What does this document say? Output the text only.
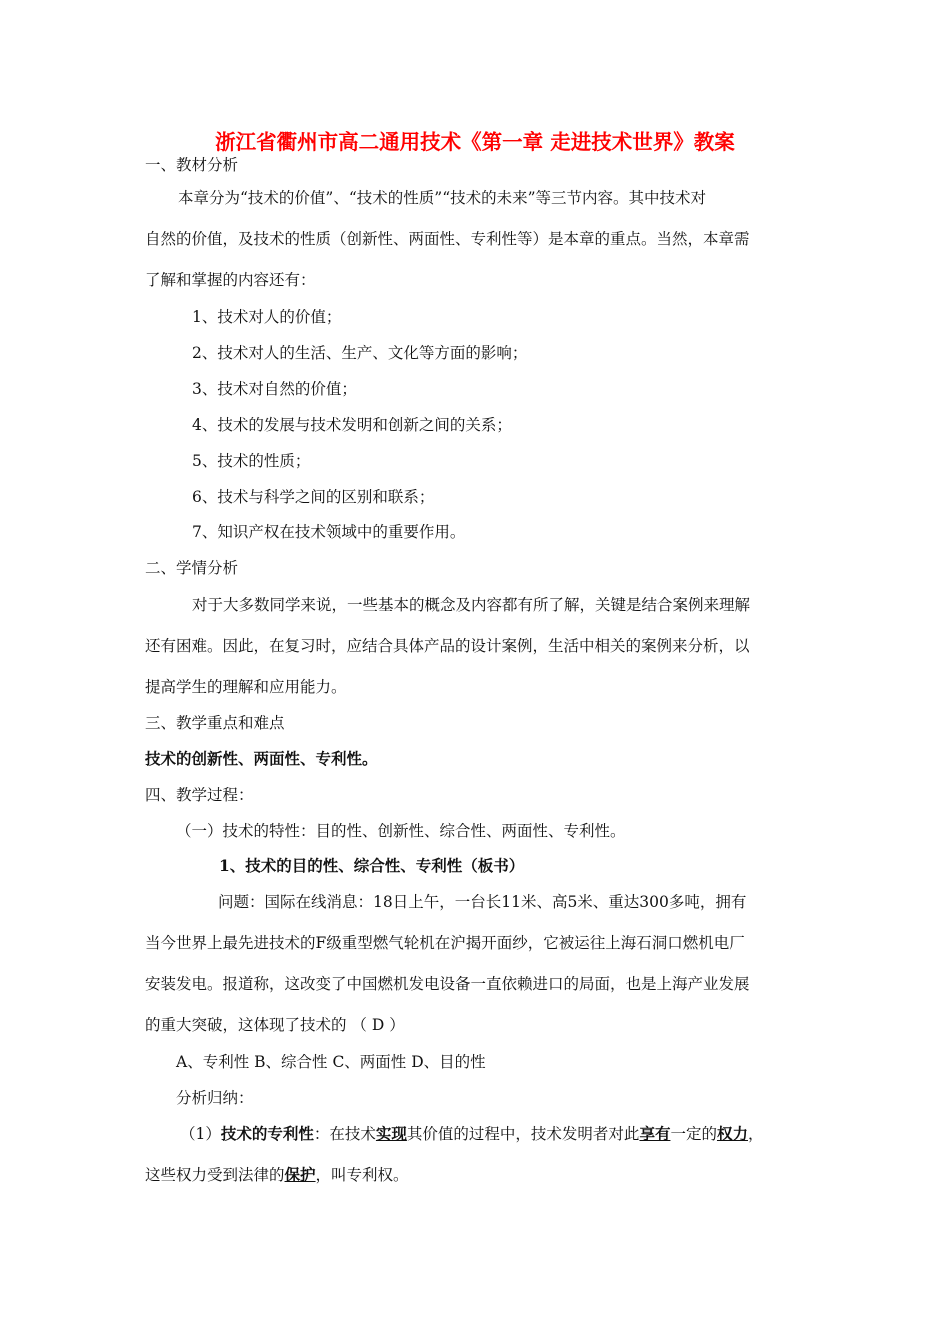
浙江省衢州市高二通用技术《第一章 走进技术世界》教案
一、教材分析
本章分为“技术的价值”、“技术的性质”“技术的未来”等三节内容。其中技术对
自然的价值，及技术的性质（创新性、两面性、专利性等）是本章的重点。当然，本章需
了解和掌握的内容还有：
1、技术对人的价值；
2、技术对人的生活、生产、文化等方面的影响；
3、技术对自然的价值；
4、技术的发展与技术发明和创新之间的关系；
5、技术的性质；
6、技术与科学之间的区别和联系；
7、知识产权在技术领域中的重要作用。
二、学情分析
对于大多数同学来说，一些基本的概念及内容都有所了解，关键是结合案例来理解
还有困难。因此，在复习时，应结合具体产品的设计案例，生活中相关的案例来分析，以
提高学生的理解和应用能力。
三、教学重点和难点
技术的创新性、两面性、专利性。
四、教学过程：
（一）技术的特性：目的性、创新性、综合性、两面性、专利性。
1、技术的目的性、综合性、专利性（板书）
问题：国际在线消息：18日上午，一台长11米、高5米、重达300多吨，拥有
当今世界上最先进技术的F级重型燃气轮机在沪揭开面纱，它被运往上海石洞口燃机电厂
安装发电。报道称，这改变了中国燃机发电设备一直依赖进口的局面，也是上海产业发展
的重大突破，这体现了技术的 （ D ）
A、专利性 B、综合性 C、两面性 D、目的性
分析归纳：
（1）技术的专利性：在技术实现其价值的过程中，技术发明者对此享有一定的权力，
这些权力受到法律的保护，叫专利权。
